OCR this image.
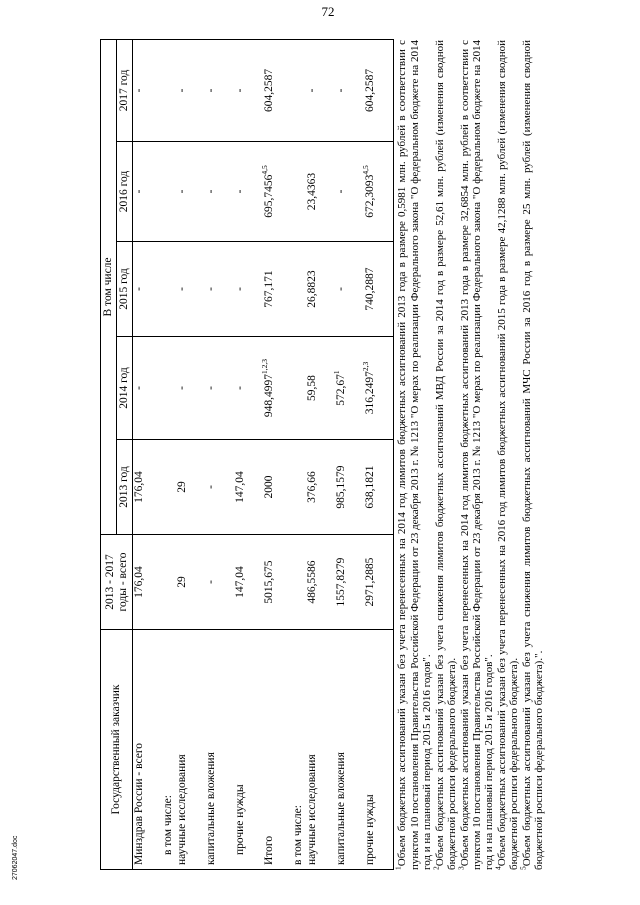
72
27062047.doc
Государственный заказчик	2013 - 2017
годы - всего	В том числе				
		2013 год	2014 год	2015 год	2016 год	2017 год
Минздрав России - всего	176,04	176,04	-	-	-	-
в том числе:						
научные исследования	29	29	-	-	-	-
капитальные вложения	-	-	-	-	-	-
прочие нужды	147,04	147,04	-	-	-	-
Итого	5015,675	2000	948,4997$^{1,2,3}$	767,171	695,7456$^{4,5}$	604,2587
в том числе:						
научные исследования	486,5586	376,66	59,58	26,8823	23,4363	-
капитальные вложения	1557,8279	985,1579	572,67$^1$	-	-	-
прочие нужды	2971,2885	638,1821	316,2497$^{2,3}$	740,2887	672,3093$^{4,5}$	604,2587

$^1$Объем бюджетных ассигнований указан без учета перенесенных на 2014 год лимитов бюджетных ассигнований 2013 года в размере 0,5981 млн. рублей в соответствии с пунктом 10 постановления Правительства Российской Федерации от 23 декабря 2013 г. № 1213 "О мерах по реализации Федерального закона "О федеральном бюджете на 2014 год и на плановый период 2015 и 2016 годов".

$^2$Объем бюджетных ассигнований указан без учета снижения лимитов бюджетных ассигнований МВД России за 2014 год в размере 52,61 млн. рублей (изменения сводной бюджетной росписи федерального бюджета).

$^3$Объем бюджетных ассигнований указан без учета перенесенных на 2014 год лимитов бюджетных ассигнований 2013 года в размере 32,6854 млн. рублей в соответствии с пунктом 10 постановления Правительства Российской Федерации от 23 декабря 2013 г. № 1213 "О мерах по реализации Федерального закона "О федеральном бюджете на 2014 год и на плановый период 2015 и 2016 годов".

$^4$Объем бюджетных ассигнований указан без учета перенесенных на 2016 год лимитов бюджетных ассигнований 2015 года в размере 42,1288 млн. рублей (изменения сводной бюджетной росписи федерального бюджета).

$^5$Объем бюджетных ассигнований указан без учета снижения лимитов бюджетных ассигнований МЧС России за 2016 год в размере 25 млн. рублей (изменения сводной бюджетной росписи федерального бюджета).".
